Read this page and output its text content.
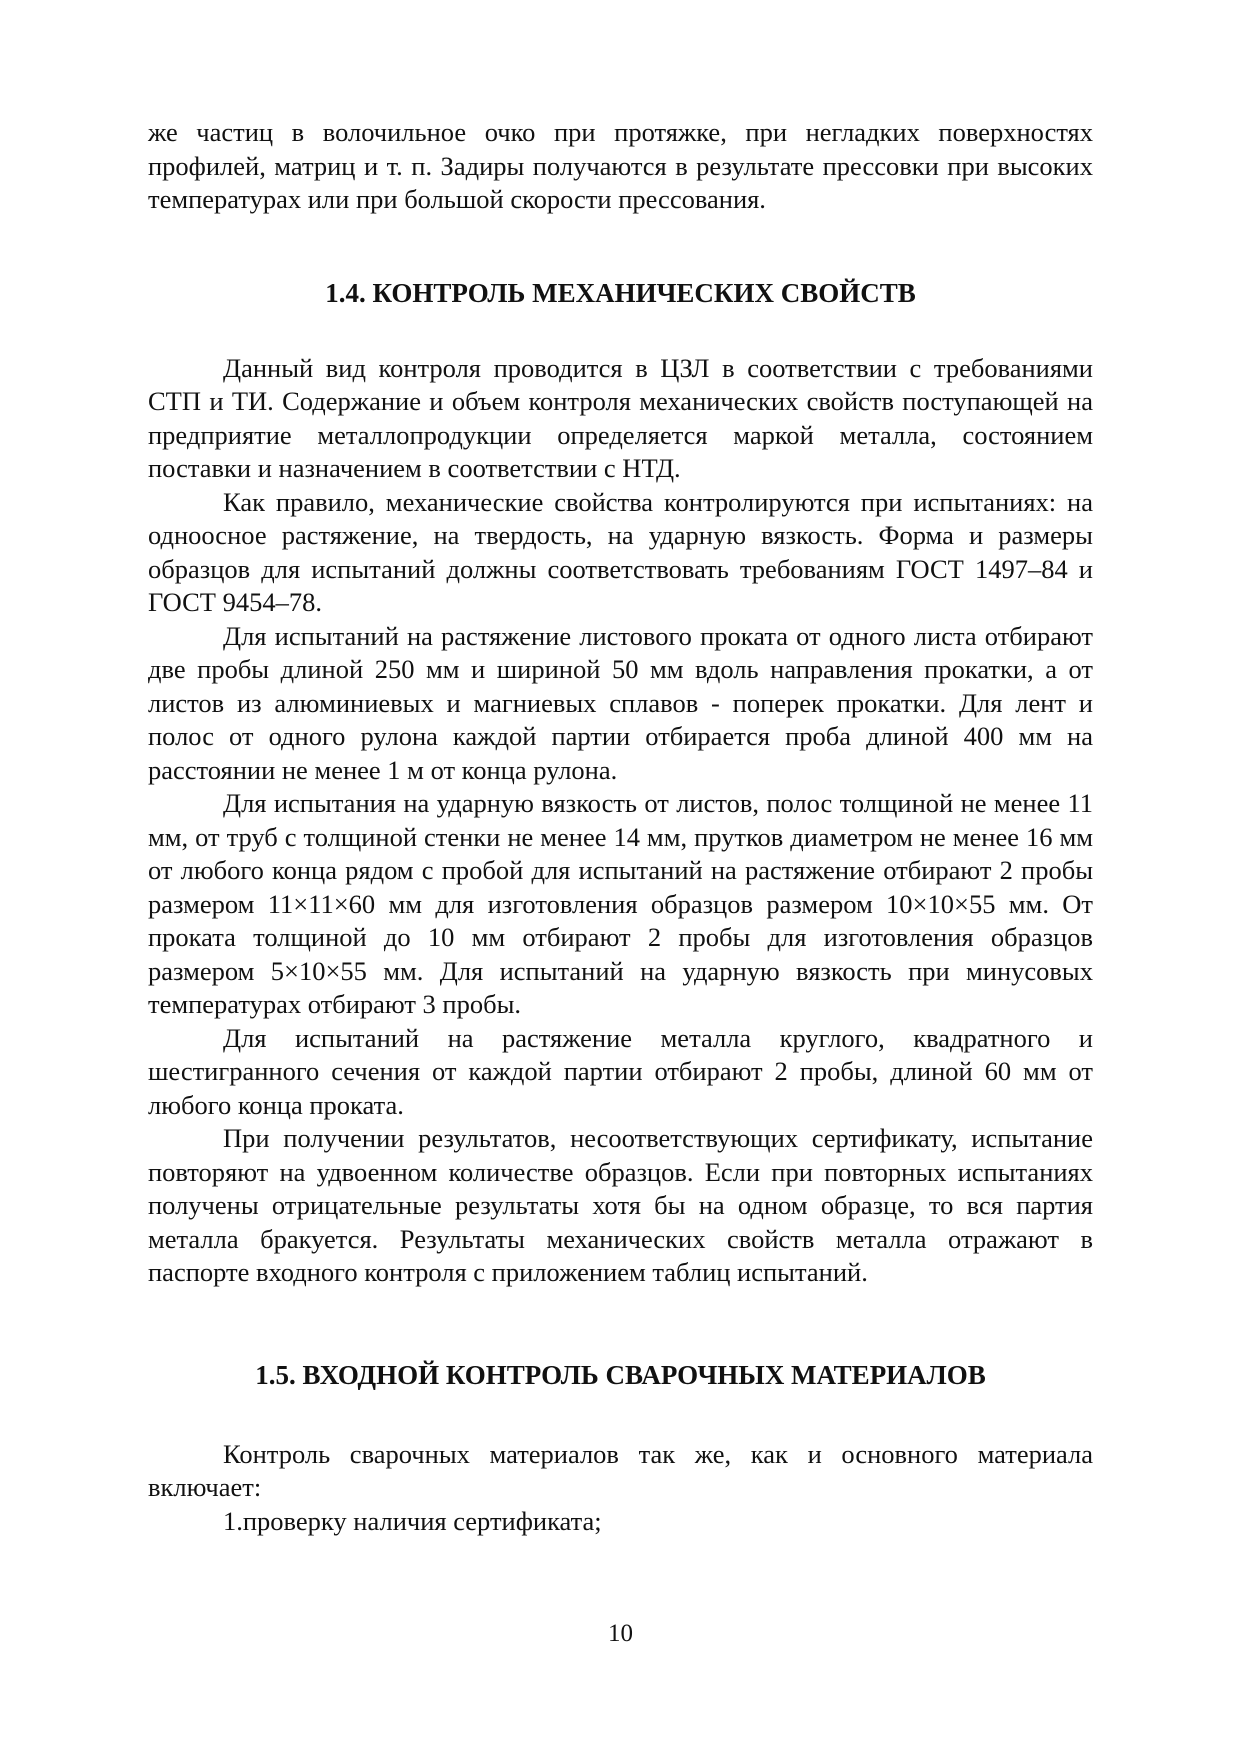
же частиц в волочильное очко при протяжке, при негладких поверхностях профилей, матриц и т. п. Задиры получаются в результате прессовки при высоких температурах или при большой скорости прессования.

1.4. КОНТРОЛЬ МЕХАНИЧЕСКИХ СВОЙСТВ

Данный вид контроля проводится в ЦЗЛ в соответствии с требованиями СТП и ТИ. Содержание и объем контроля механических свойств поступающей на предприятие металлопродукции определяется маркой металла, состоянием поставки и назначением в соответствии с НТД.

Как правило, механические свойства контролируются при испытаниях: на одноосное растяжение, на твердость, на ударную вязкость. Форма и размеры образцов для испытаний должны соответствовать требованиям ГОСТ 1497–84 и ГОСТ 9454–78.

Для испытаний на растяжение листового проката от одного листа отбирают две пробы длиной 250 мм и шириной 50 мм вдоль направления прокатки, а от листов из алюминиевых и магниевых сплавов - поперек прокатки. Для лент и полос от одного рулона каждой партии отбирается проба длиной 400 мм на расстоянии не менее 1 м от конца рулона.

Для испытания на ударную вязкость от листов, полос толщиной не менее 11 мм, от труб с толщиной стенки не менее 14 мм, прутков диаметром не менее 16 мм от любого конца рядом с пробой для испытаний на растяжение отбирают 2 пробы размером 11×11×60 мм для изготовления образцов размером 10×10×55 мм. От проката толщиной до 10 мм отбирают 2 пробы для изготовления образцов размером 5×10×55 мм. Для испытаний на ударную вязкость при минусовых температурах отбирают 3 пробы.

Для испытаний на растяжение металла круглого, квадратного и шестигранного сечения от каждой партии отбирают 2 пробы, длиной 60 мм от любого конца проката.

При получении результатов, несоответствующих сертификату, испытание повторяют на удвоенном количестве образцов. Если при повторных испытаниях получены отрицательные результаты хотя бы на одном образце, то вся партия металла бракуется. Результаты механических свойств металла отражают в паспорте входного контроля с приложением таблиц испытаний.

1.5. ВХОДНОЙ КОНТРОЛЬ СВАРОЧНЫХ МАТЕРИАЛОВ

Контроль сварочных материалов так же, как и основного материала включает:

1.проверку наличия сертификата;

10
